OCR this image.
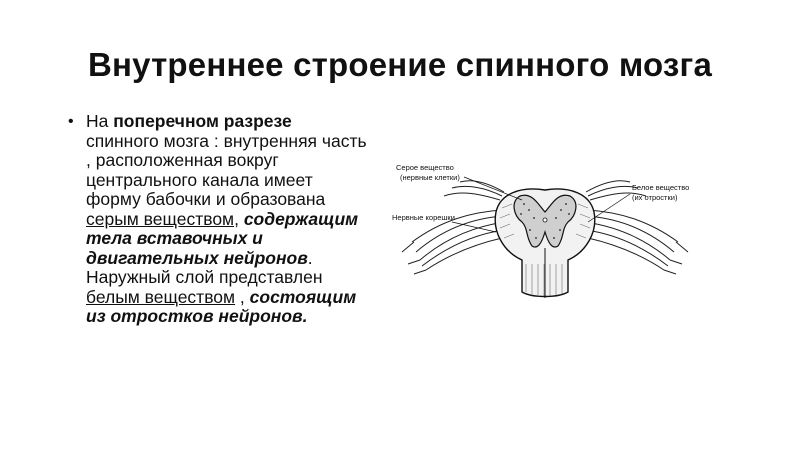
Внутреннее строение спинного мозга
• На поперечном разрезе спинного мозга : внутренняя часть , расположенная вокруг центрального канала имеет форму бабочки и образована серым веществом, содержащим тела вставочных и двигательных нейронов. Наружный слой представлен белым веществом , состоящим из отростков нейронов.
Серое вещество
(нервные клетки)
Белое вещество
(их отростки)
Нервные корешки
